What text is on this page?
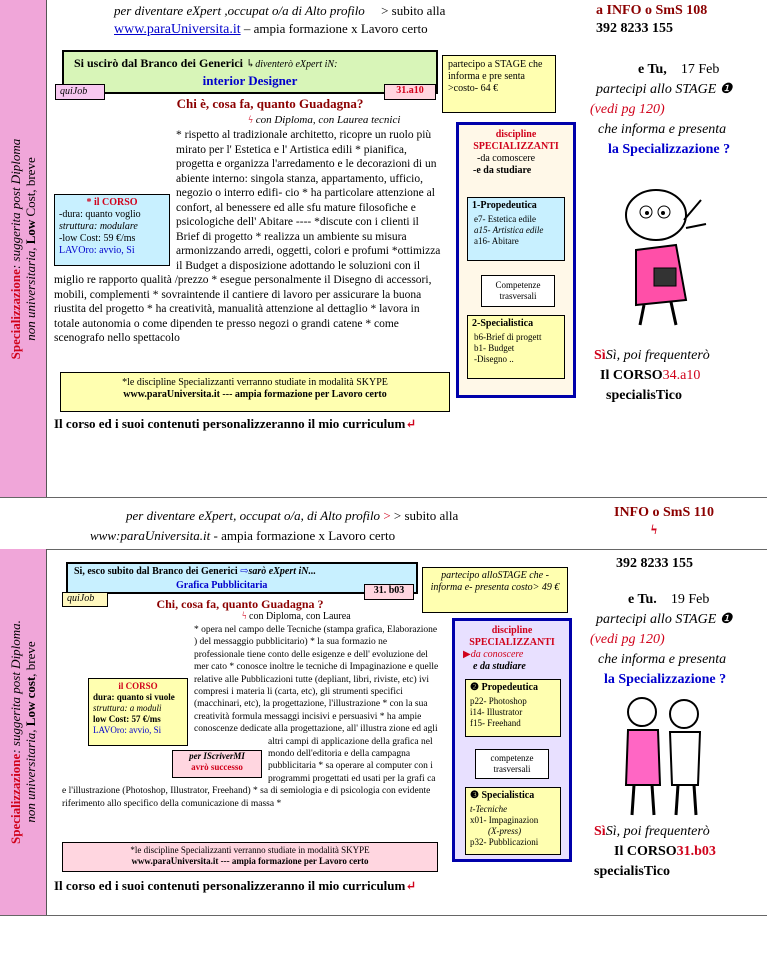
Specializzazione: suggerita post Diploma
non universitaria, Low Cost, breve
per diventare eXpert ,occupat o/a di Alto profilo > subito alla
www.paraUniversita.it – ampia formazione x Lavoro certo
a INFO o SmS 108
392 8233 155
Si uscirò dal Branco dei Generici ↳diventerò eXpert iN:
interior Designer
partecipo a STAGE che informa e pre senta >costo- 64 €
quiJob	31.a10
Chi è, cosa fa, quanto Guadagna?
ϟ con Diploma, con Laurea tecnici
* il CORSO
-dura: quanto voglio
struttura: modulare
-low Cost: 59 €/ms
LAVOro: avvio, Si
* rispetto al tradizionale architetto, ricopre un ruolo più mirato per l' Estetica e l' Artistica edili * pianifica, progetta e organizza l'arredamento e le decorazioni di un abiente interno: singola stanza, appartamento, ufficio, negozio o interro edifi- cio * ha particolare attenzione al confort, al benessere ed alle sfu mature filosofiche e psicologiche dell' Abitare ---- *discute con i clienti il Brief di progetto * realizza un ambiente su misura armonizzando arredi, oggetti, colori e profumi *ottimizza il Budget a disposizione adottando le soluzioni con il miglio re rapporto qualità /prezzo * esegue personalmente il Disegno di accessori, mobili, complementi * sovraintende il cantiere di lavoro per assicurare la buona riustita del progetto * ha creatività, manualità attenzione al dettaglio * lavora in totale autonomia o come dipenden te presso negozi o grandi catene * come scenografo nello spettacolo
*le discipline Specializzanti verranno studiate in modalità SKYPE
www.paraUniversita.it --- ampia formazione per Lavoro certo
Il corso ed i suoi contenuti personalizzeranno il mio curriculum↵
discipline SPECIALIZZANTI
-da comoscere
-e da studiare
1-Propedeutica
e7- Estetica edile
a15- Artistica edile
a16- Abitare
Competenze trasversali
2-Specialistica
b6-Brief di progett
b1- Budget
-Disegno ..
e Tu, 17 Feb
partecipi allo STAGE ❶
(vedi pg 120)
che informa e presenta
la Specializzazione ?
SìSì, poi frequenterò
Il CORSO34.a10
specialisTico
Specializzazione: suggerita post Diploma.
non universitaria, Low cost, breve
per diventare eXpert, occupat o/a, di Alto profilo > > subito alla
www:paraUniversita.it - ampia formazione x Lavoro certo
INFO o SmS 110
ϟ
Si, esco subito dal Branco dei Generici ⇨sarò eXpert iN...
Grafica Pubblicitaria
partecipo alloSTAGE che -informa e- presenta costo> 49 €
quiJob
31. b03
Chi, cosa fa, quanto Guadagna ?
ϟ con Diploma, con Laurea
il CORSO
dura: quanto si vuole
struttura: a moduli
low Cost: 57 €/ms
LAVOro: avvio, Si
per IScriverMI
avrò successo
* opera nel campo delle Tecniche (stampa grafica, Elaborazione ) del messaggio pubblicitario) * la sua formazio ne professionale tiene conto delle esigenze e dell' evoluzione del mer cato * conosce inoltre le tecniche di Impaginazione e quelle relative alle Pubblicazioni tutte (depliant, libri, riviste, etc) ivi compresi i materia li (carta, etc), gli strumenti specifici (macchinari, etc), la progettazione, l'illustrazione * con la sua creatività formula messaggi incisivi e persuasivi * ha ampie conoscenze dedicate alla progettazione, all' illustra zione ed agli altri campi di applicazione della grafica nel mondo dell'editoria e della campagna pubblicitaria * sa operare al computer con i programmi progettati ed usati per la grafi ca e l'illustrazione (Photoshop, Illustrator, Freehand) * sa di semiologia e di psicologia con evidente riferimento allo specifico della comunicazione di massa *
*le discipline Specializzanti verranno studiate in modalità SKYPE
www.paraUniversita.it --- ampia formazione per Lavoro certo
Il corso ed i suoi contenuti personalizzeranno il mio curriculum↵
discipline SPECIALIZZANTI
▶da conoscere
e da studiare
❷ Propedeutica
p22- Photoshop
i14- Illustrator
f15- Freehand
competenze trasversali
❸ Specialistica
t-Tecniche
x01- Impaginazion
(X-press)
p32- Pubblicazioni
392 8233 155
e Tu. 19 Feb
partecipi allo STAGE ❶
(vedi pg 120)
che informa e presenta
la Specializzazione ?
SìSì, poi frequenterò
Il CORSO31.b03
specialisTico
